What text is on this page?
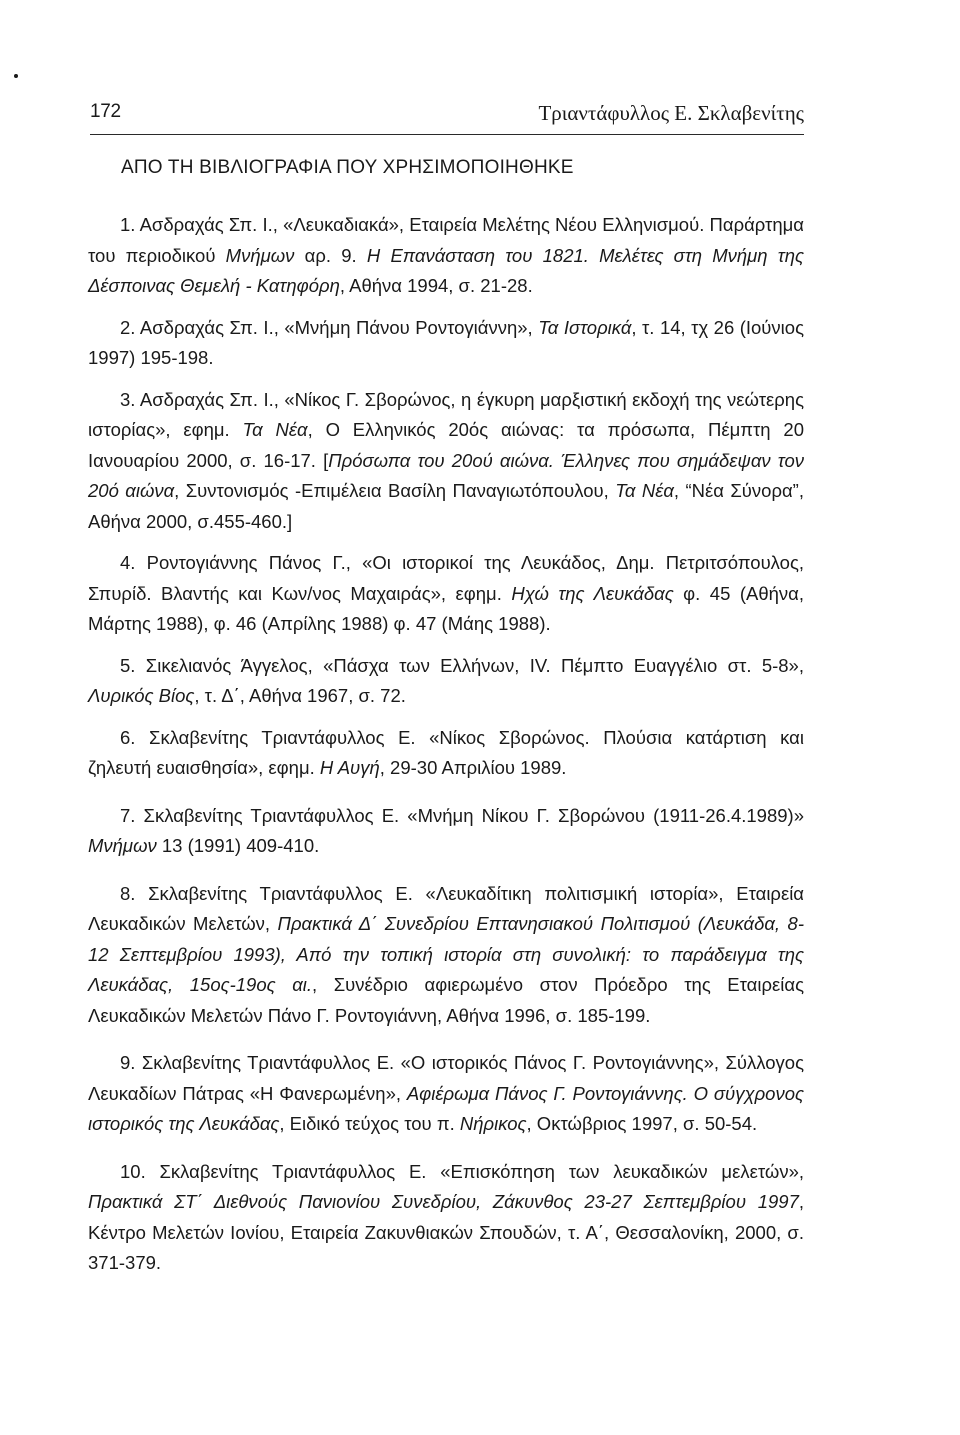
172	Τριαντάφυλλος Ε. Σκλαβενίτης
ΑΠΟ ΤΗ ΒΙΒΛΙΟΓΡΑΦΙΑ ΠΟΥ ΧΡΗΣΙΜΟΠΟΙΗΘΗΚΕ

1. Ασδραχάς Σπ. Ι., «Λευκαδιακά», Εταιρεία Μελέτης Νέου Ελληνισμού. Παράρτημα του περιοδικού Μνήμων αρ. 9. Η Επανάσταση του 1821. Μελέτες στη Μνήμη της Δέσποινας Θεμελή - Κατηφόρη, Αθήνα 1994, σ. 21-28.

2. Ασδραχάς Σπ. Ι., «Μνήμη Πάνου Ροντογιάννη», Τα Ιστορικά, τ. 14, τχ 26 (Ιούνιος 1997) 195-198.

3. Ασδραχάς Σπ. Ι., «Νίκος Γ. Σβορώνος, η έγκυρη μαρξιστική εκδοχή της νεώτερης ιστορίας», εφημ. Τα Νέα, Ο Ελληνικός 20ός αιώνας: τα πρόσωπα, Πέμπτη 20 Ιανουαρίου 2000, σ. 16-17. [Πρόσωπα του 20ού αιώνα. Έλληνες που σημάδεψαν τον 20ό αιώνα, Συντονισμός -Επιμέλεια Βασίλη Παναγιωτόπουλου, Τα Νέα, “Νέα Σύνορα”, Αθήνα 2000, σ.455-460.]

4. Ροντογιάννης Πάνος Γ., «Οι ιστορικοί της Λευκάδος, Δημ. Πετριτσόπουλος, Σπυρίδ. Βλαντής και Κων/νος Μαχαιράς», εφημ. Ηχώ της Λευκάδας φ. 45 (Αθήνα, Μάρτης 1988), φ. 46 (Απρίλης 1988) φ. 47 (Μάης 1988).

5. Σικελιανός Άγγελος, «Πάσχα των Ελλήνων, IV. Πέμπτο Ευαγγέλιο στ. 5-8», Λυρικός Βίος, τ. Δ΄, Αθήνα 1967, σ. 72.

6. Σκλαβενίτης Τριαντάφυλλος Ε. «Νίκος Σβορώνος. Πλούσια κατάρτιση και ζηλευτή ευαισθησία», εφημ. Η Αυγή, 29-30 Απριλίου 1989.

7. Σκλαβενίτης Τριαντάφυλλος Ε. «Μνήμη Νίκου Γ. Σβορώνου (1911-26.4.1989)» Μνήμων 13 (1991) 409-410.

8. Σκλαβενίτης Τριαντάφυλλος Ε. «Λευκαδίτικη πολιτισμική ιστορία», Εταιρεία Λευκαδικών Μελετών, Πρακτικά Δ΄ Συνεδρίου Επτανησιακού Πολιτισμού (Λευκάδα, 8-12 Σεπτεμβρίου 1993), Από την τοπική ιστορία στη συνολική: το παράδειγμα της Λευκάδας, 15ος-19ος αι., Συνέδριο αφιερωμένο στον Πρόεδρο της Εταιρείας Λευκαδικών Μελετών Πάνο Γ. Ροντογιάννη, Αθήνα 1996, σ. 185-199.

9. Σκλαβενίτης Τριαντάφυλλος Ε. «Ο ιστορικός Πάνος Γ. Ροντογιάννης», Σύλλογος Λευκαδίων Πάτρας «Η Φανερωμένη», Αφιέρωμα Πάνος Γ. Ροντογιάννης. Ο σύγχρονος ιστορικός της Λευκάδας, Ειδικό τεύχος του π. Νήρικος, Οκτώβριος 1997, σ. 50-54.

10. Σκλαβενίτης Τριαντάφυλλος Ε. «Επισκόπηση των λευκαδικών μελετών», Πρακτικά ΣΤ΄ Διεθνούς Πανιονίου Συνεδρίου, Ζάκυνθος 23-27 Σεπτεμβρίου 1997, Κέντρο Μελετών Ιονίου, Εταιρεία Ζακυνθιακών Σπουδών, τ. Α΄, Θεσσαλονίκη, 2000, σ. 371-379.
